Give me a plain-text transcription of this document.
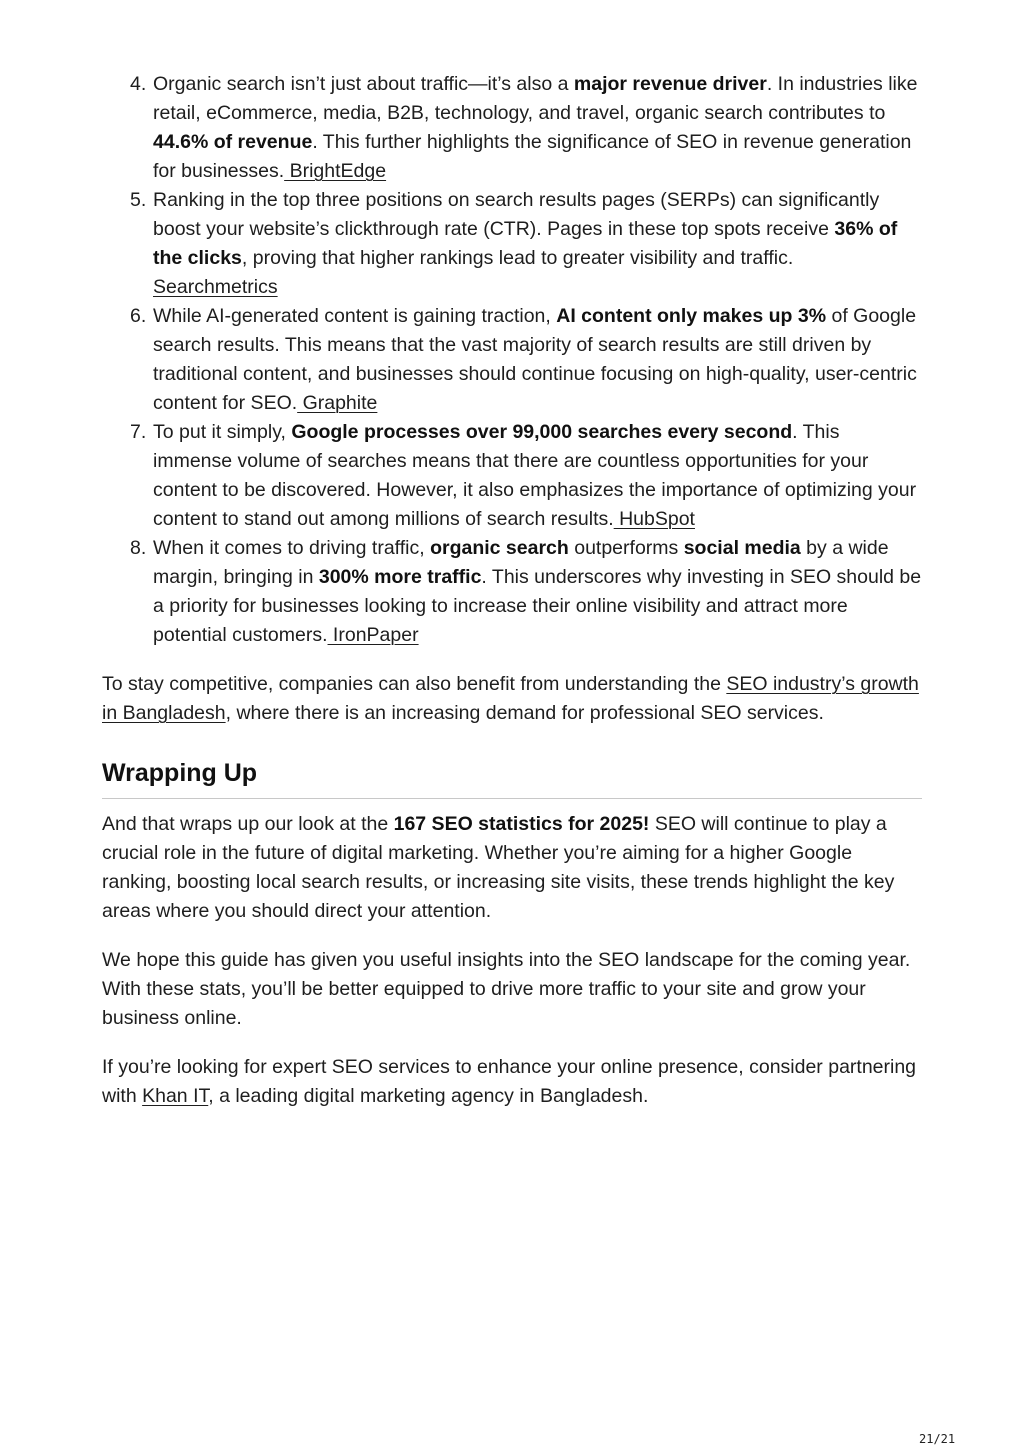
4. Organic search isn’t just about traffic—it’s also a major revenue driver. In industries like retail, eCommerce, media, B2B, technology, and travel, organic search contributes to 44.6% of revenue. This further highlights the significance of SEO in revenue generation for businesses. BrightEdge
5. Ranking in the top three positions on search results pages (SERPs) can significantly boost your website’s clickthrough rate (CTR). Pages in these top spots receive 36% of the clicks, proving that higher rankings lead to greater visibility and traffic. Searchmetrics
6. While AI-generated content is gaining traction, AI content only makes up 3% of Google search results. This means that the vast majority of search results are still driven by traditional content, and businesses should continue focusing on high-quality, user-centric content for SEO. Graphite
7. To put it simply, Google processes over 99,000 searches every second. This immense volume of searches means that there are countless opportunities for your content to be discovered. However, it also emphasizes the importance of optimizing your content to stand out among millions of search results. HubSpot
8. When it comes to driving traffic, organic search outperforms social media by a wide margin, bringing in 300% more traffic. This underscores why investing in SEO should be a priority for businesses looking to increase their online visibility and attract more potential customers. IronPaper

To stay competitive, companies can also benefit from understanding the SEO industry’s growth in Bangladesh, where there is an increasing demand for professional SEO services.

Wrapping Up

And that wraps up our look at the 167 SEO statistics for 2025! SEO will continue to play a crucial role in the future of digital marketing. Whether you’re aiming for a higher Google ranking, boosting local search results, or increasing site visits, these trends highlight the key areas where you should direct your attention.

We hope this guide has given you useful insights into the SEO landscape for the coming year. With these stats, you’ll be better equipped to drive more traffic to your site and grow your business online.

If you’re looking for expert SEO services to enhance your online presence, consider partnering with Khan IT, a leading digital marketing agency in Bangladesh.

21/21
